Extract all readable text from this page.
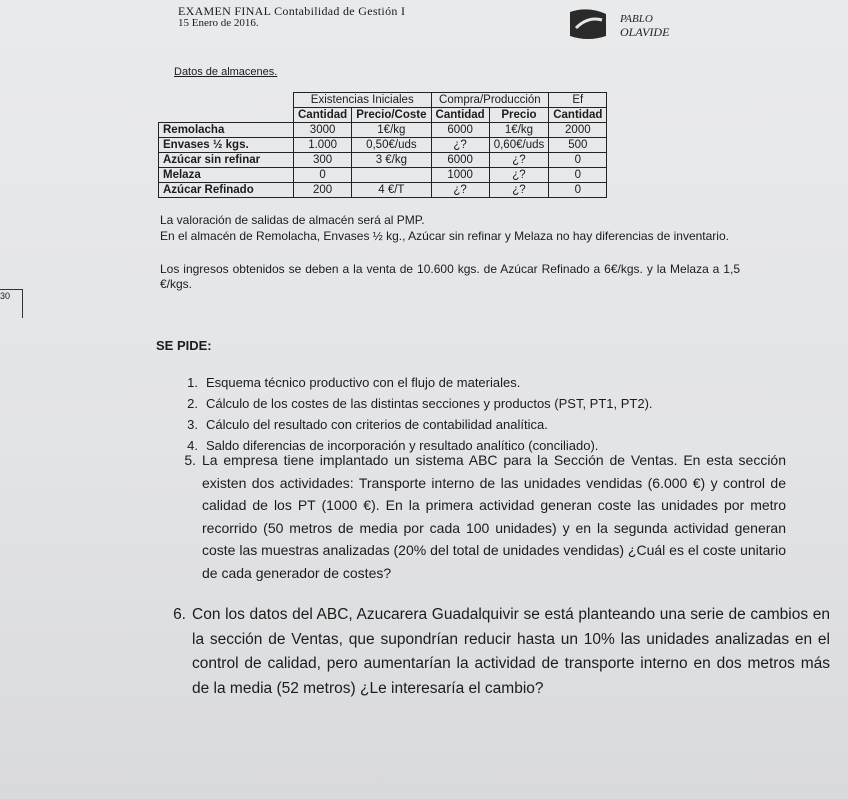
EXAMEN FINAL Contabilidad de Gestión I
15 Enero de 2016.	PABLO
OLAVIDE
Datos de almacenes.
	Existencias Iniciales		Compra/Producción		Ef
	Cantidad	Precio/Coste	Cantidad	Precio	Cantidad
Remolacha	3000	1€/kg	6000	1€/kg	2000
Envases ½ kgs.	1.000	0,50€/uds	¿?	0,60€/uds	500
Azúcar sin refinar	300	3 €/kg	6000	¿?	0
Melaza	0		1000	¿?	0
Azúcar Refinado	200	4 €/T	¿?	¿?	0
La valoración de salidas de almacén será al PMP.
En el almacén de Remolacha, Envases ½ kg., Azúcar sin refinar y Melaza no hay diferencias de inventario.
Los ingresos obtenidos se deben a la venta de 10.600 kgs. de Azúcar Refinado a 6€/kgs. y la Melaza a 1,5 €/kgs.
30
SE PIDE:
1. Esquema técnico productivo con el flujo de materiales.
2. Cálculo de los costes de las distintas secciones y productos (PST, PT1, PT2).
3. Cálculo del resultado con criterios de contabilidad analítica.
4. Saldo diferencias de incorporación y resultado analítico (conciliado).
5. La empresa tiene implantado un sistema ABC para la Sección de Ventas. En esta sección existen dos actividades: Transporte interno de las unidades vendidas (6.000 €) y control de calidad de los PT (1000 €). En la primera actividad generan coste las unidades por metro recorrido (50 metros de media por cada 100 unidades) y en la segunda actividad generan coste las muestras analizadas (20% del total de unidades vendidas) ¿Cuál es el coste unitario de cada generador de costes?
6. Con los datos del ABC, Azucarera Guadalquivir se está planteando una serie de cambios en la sección de Ventas, que supondrían reducir hasta un 10% las unidades analizadas en el control de calidad, pero aumentarían la actividad de transporte interno en dos metros más de la media (52 metros) ¿Le interesaría el cambio?
